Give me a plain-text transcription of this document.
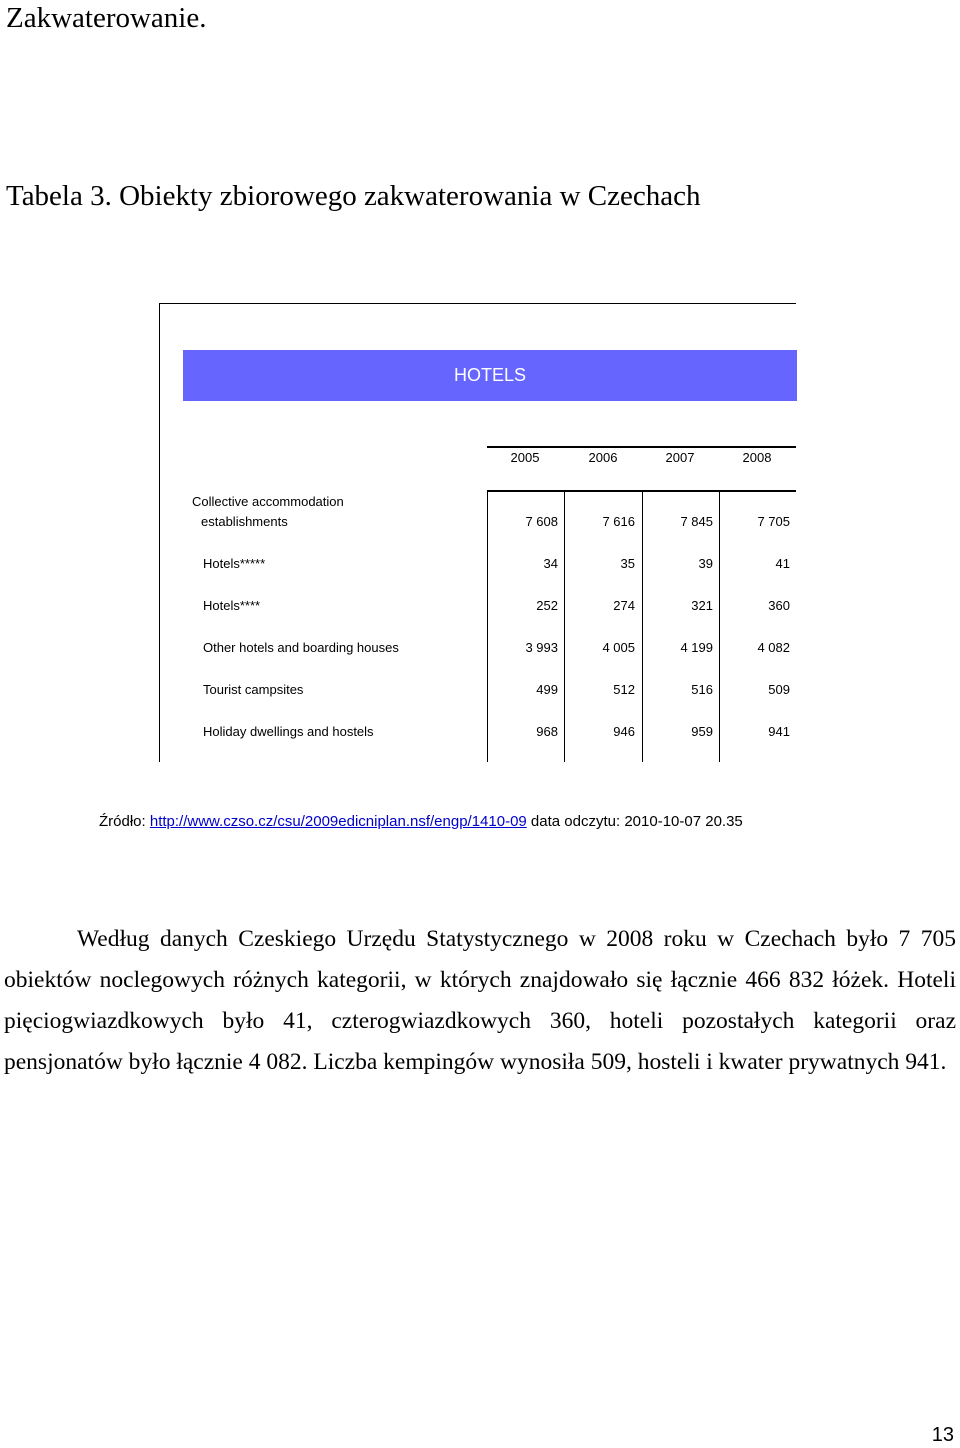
Zakwaterowanie.
Tabela 3. Obiekty zbiorowego zakwaterowania w Czechach
HOTELS
2005	2006	2007	2008
Collective accommodation
establishments	7 608	7 616	7 845	7 705
Hotels*****	34	35	39	41
Hotels****	252	274	321	360
Other hotels and boarding houses	3 993	4 005	4 199	4 082
Tourist campsites	499	512	516	509
Holiday dwellings and hostels	968	946	959	941
Źródło: http://www.czso.cz/csu/2009edicniplan.nsf/engp/1410-09 data odczytu: 2010-10-07 20.35

Według danych Czeskiego Urzędu Statystycznego w 2008 roku w Czechach było 7 705 obiektów noclegowych różnych kategorii, w których znajdowało się łącznie 466 832 łóżek. Hoteli pięciogwiazdkowych było 41, czterogwiazdkowych 360, hoteli pozostałych kategorii oraz pensjonatów było łącznie 4 082. Liczba kempingów wynosiła 509, hosteli i kwater prywatnych 941.

13
